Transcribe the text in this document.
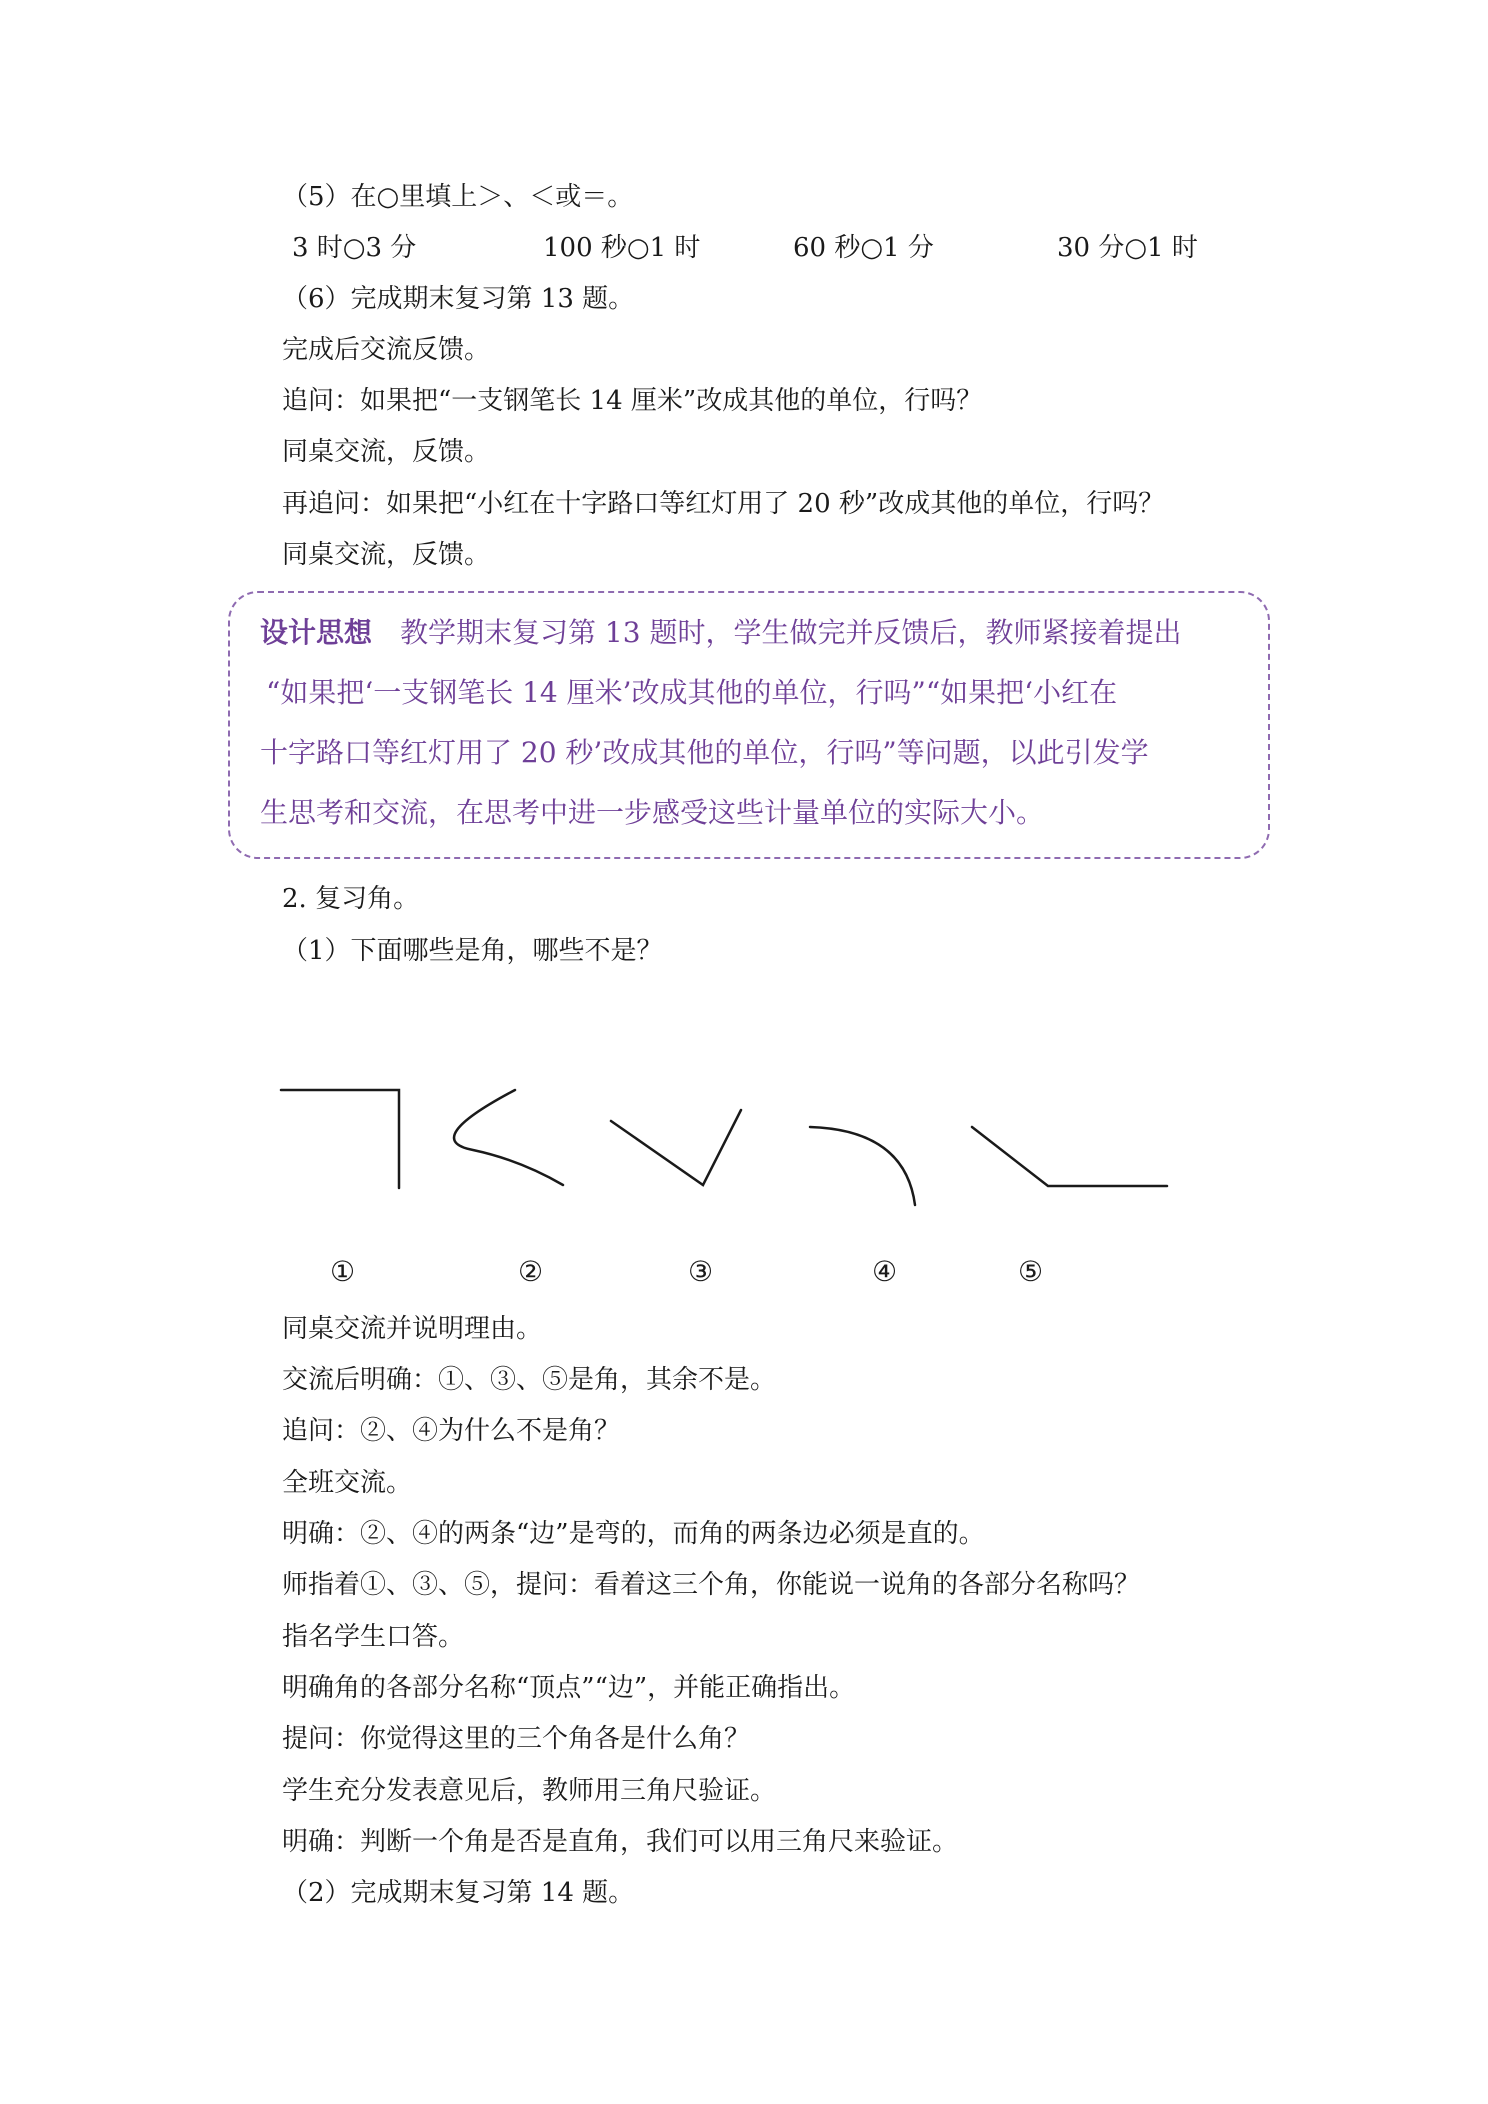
（5）在○里填上＞、＜或＝。
3 时○3 分	100 秒○1 时	60 秒○1 分	30 分○1 时
（6）完成期末复习第 13 题。
完成后交流反馈。
追问：如果把“一支钢笔长 14 厘米”改成其他的单位，行吗？
同桌交流，反馈。
再追问：如果把“小红在十字路口等红灯用了 20 秒”改成其他的单位，行吗？
同桌交流，反馈。
设计思想 教学期末复习第 13 题时，学生做完并反馈后，教师紧接着提出
“如果把‘一支钢笔长 14 厘米’改成其他的单位，行吗”“如果把‘小红在
十字路口等红灯用了 20 秒’改成其他的单位，行吗”等问题，以此引发学
生思考和交流，在思考中进一步感受这些计量单位的实际大小。
2. 复习角。
（1）下面哪些是角，哪些不是？
①	②	③	④	⑤
同桌交流并说明理由。
交流后明确：①、③、⑤是角，其余不是。
追问：②、④为什么不是角？
全班交流。
明确：②、④的两条“边”是弯的，而角的两条边必须是直的。
师指着①、③、⑤，提问：看着这三个角，你能说一说角的各部分名称吗？
指名学生口答。
明确角的各部分名称“顶点”“边”，并能正确指出。
提问：你觉得这里的三个角各是什么角？
学生充分发表意见后，教师用三角尺验证。
明确：判断一个角是否是直角，我们可以用三角尺来验证。
（2）完成期末复习第 14 题。
